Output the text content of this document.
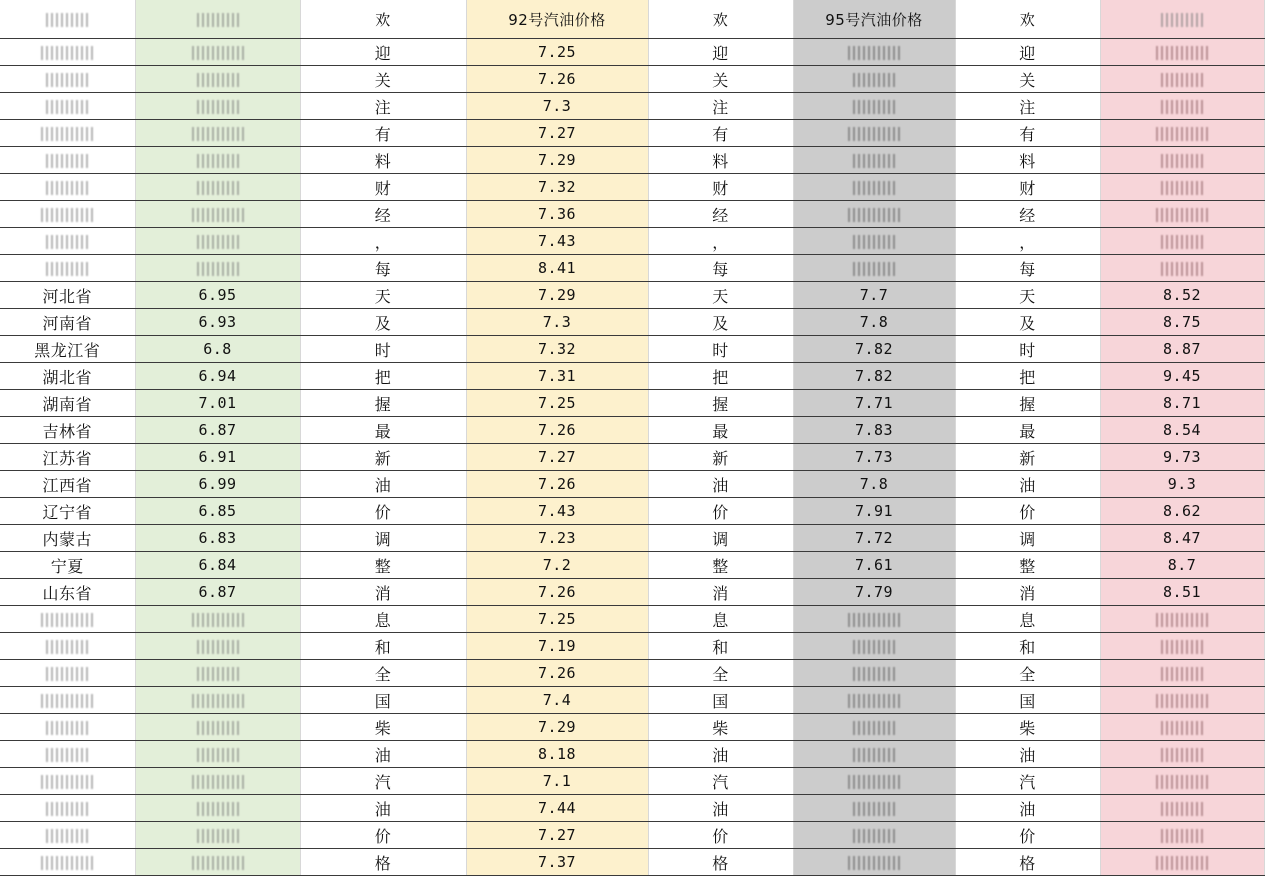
		欢	92号汽油价格	欢	95号汽油价格	欢	
		迎	7.25	迎		迎	
		关	7.26	关		关	
		注	7.3	注		注	
		有	7.27	有		有	
		料	7.29	料		料	
		财	7.32	财		财	
		经	7.36	经		经	
		，	7.43	，		，	
		每	8.41	每		每	
河北省	6.95	天	7.29	天	7.7	天	8.52
河南省	6.93	及	7.3	及	7.8	及	8.75
黑龙江省	6.8	时	7.32	时	7.82	时	8.87
湖北省	6.94	把	7.31	把	7.82	把	9.45
湖南省	7.01	握	7.25	握	7.71	握	8.71
吉林省	6.87	最	7.26	最	7.83	最	8.54
江苏省	6.91	新	7.27	新	7.73	新	9.73
江西省	6.99	油	7.26	油	7.8	油	9.3
辽宁省	6.85	价	7.43	价	7.91	价	8.62
内蒙古	6.83	调	7.23	调	7.72	调	8.47
宁夏	6.84	整	7.2	整	7.61	整	8.7
山东省	6.87	消	7.26	消	7.79	消	8.51
		息	7.25	息		息	
		和	7.19	和		和	
		全	7.26	全		全	
		国	7.4	国		国	
		柴	7.29	柴		柴	
		油	8.18	油		油	
		汽	7.1	汽		汽	
		油	7.44	油		油	
		价	7.27	价		价	
		格	7.37	格		格	
